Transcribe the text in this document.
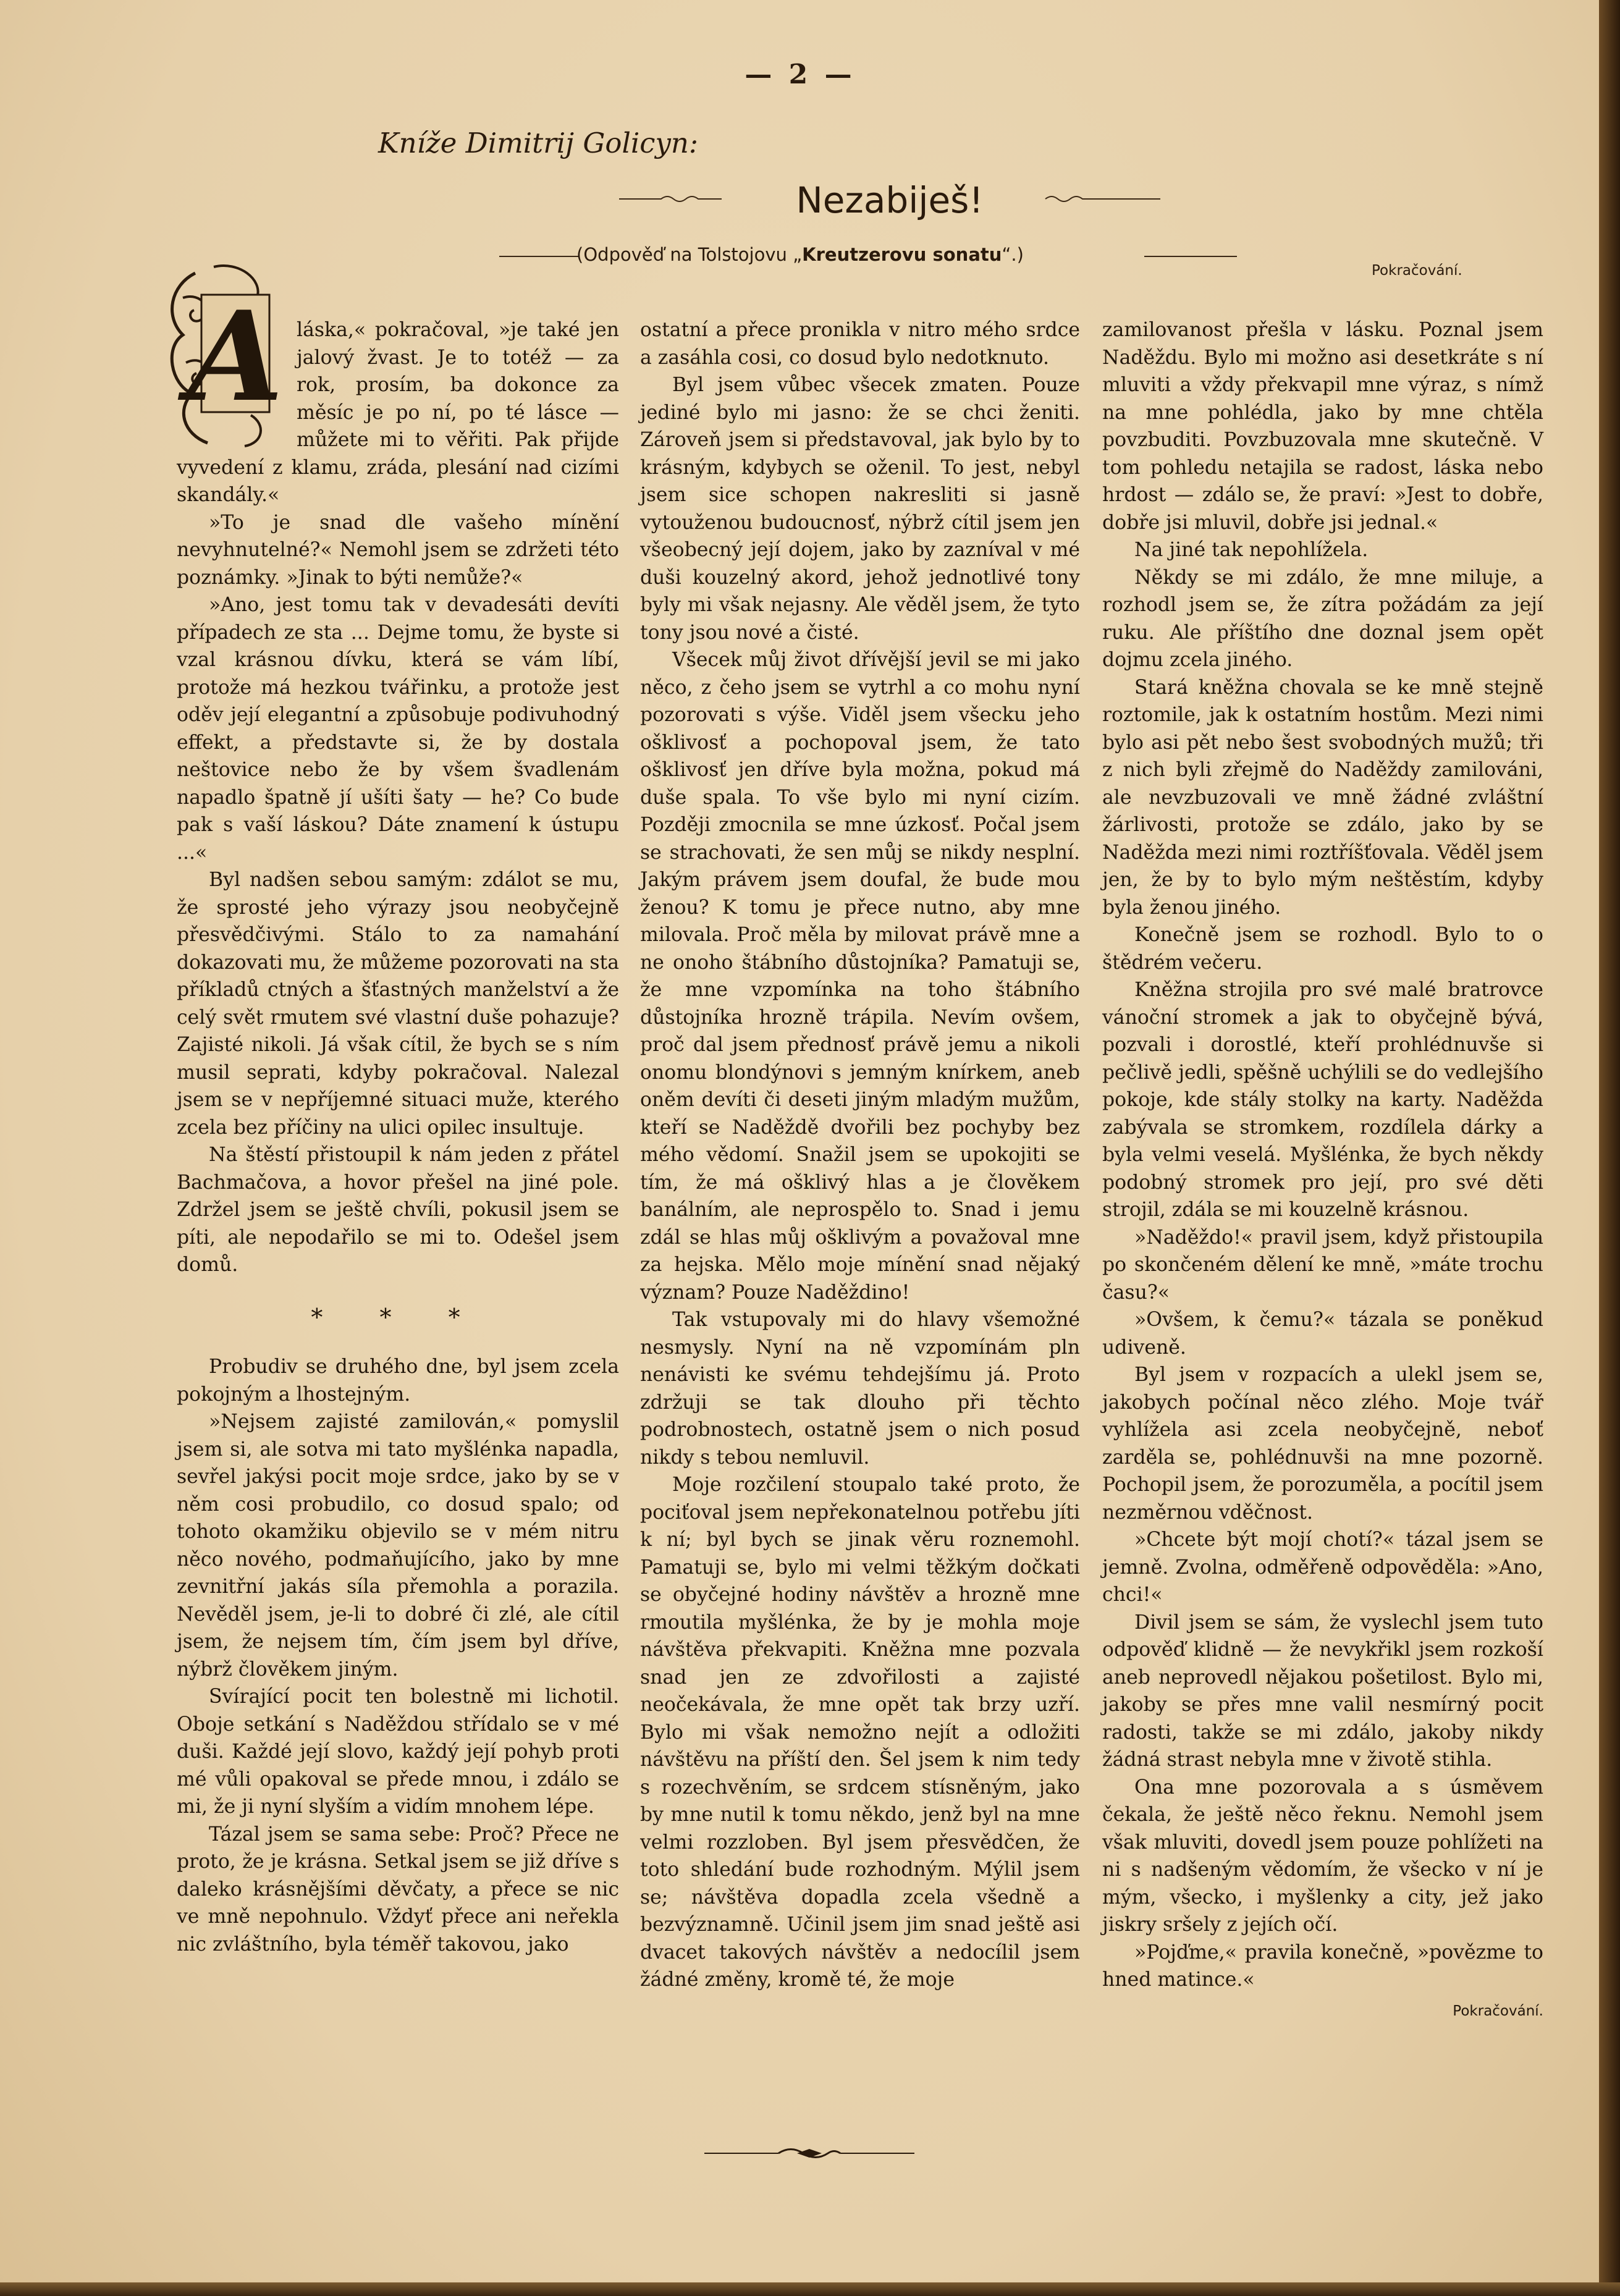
— 2 —
Kníže Dimitrij Golicyn:
Nezabiješ!
(Odpověď na Tolstojovu „Kreutzerovu sonatu“.)
Pokračování.
A láska,« pokračoval, »je také jen jalový žvast. Je to totéž — za rok, prosím, ba dokonce za měsíc je po ní, po té lásce — můžete mi to věřiti. Pak přijde vyvedení z klamu, zráda, plesání nad cizími skandály.«

»To je snad dle vašeho mínění nevyhnutelné?« Nemohl jsem se zdržeti této poznámky. »Jinak to býti nemůže?«

»Ano, jest tomu tak v devadesáti devíti případech ze sta ... Dejme tomu, že byste si vzal krásnou dívku, která se vám líbí, protože má hezkou tvářinku, a protože jest oděv její elegantní a způsobuje podivuhodný effekt, a představte si, že by dostala neštovice nebo že by všem švadlenám napadlo špatně jí ušíti šaty — he? Co bude pak s vaší láskou? Dáte znamení k ústupu ...«

Byl nadšen sebou samým: zdálot se mu, že sprosté jeho výrazy jsou neobyčejně přesvědčivými. Stálo to za namahání dokazovati mu, že můžeme pozorovati na sta příkladů ctných a šťastných manželství a že celý svět rmutem své vlastní duše pohazuje? Zajisté nikoli. Já však cítil, že bych se s ním musil seprati, kdyby pokračoval. Nalezal jsem se v nepříjemné situaci muže, kterého zcela bez příčiny na ulici opilec insultuje.

Na štěstí přistoupil k nám jeden z přátel Bachmačova, a hovor přešel na jiné pole. Zdržel jsem se ještě chvíli, pokusil jsem se píti, ale nepodařilo se mi to. Odešel jsem domů.

* * *

Probudiv se druhého dne, byl jsem zcela pokojným a lhostejným.

»Nejsem zajisté zamilován,« pomyslil jsem si, ale sotva mi tato myšlénka napadla, sevřel jakýsi pocit moje srdce, jako by se v něm cosi probudilo, co dosud spalo; od tohoto okamžiku objevilo se v mém nitru něco nového, podmaňujícího, jako by mne zevnitřní jakás síla přemohla a porazila. Nevěděl jsem, je-li to dobré či zlé, ale cítil jsem, že nejsem tím, čím jsem byl dříve, nýbrž člověkem jiným.

Svírající pocit ten bolestně mi lichotil. Oboje setkání s Naděždou střídalo se v mé duši. Každé její slovo, každý její pohyb proti mé vůli opakoval se přede mnou, i zdálo se mi, že ji nyní slyším a vidím mnohem lépe.

Tázal jsem se sama sebe: Proč? Přece ne proto, že je krásna. Setkal jsem se již dříve s daleko krásnějšími děvčaty, a přece se nic ve mně nepohnulo. Vždyť přece ani neřekla nic zvláštního, byla téměř takovou, jako

ostatní a přece pronikla v nitro mého srdce a zasáhla cosi, co dosud bylo nedotknuto.

Byl jsem vůbec všecek zmaten. Pouze jediné bylo mi jasno: že se chci ženiti. Zároveň jsem si představoval, jak bylo by to krásným, kdybych se oženil. To jest, nebyl jsem sice schopen nakresliti si jasně vytouženou budoucnosť, nýbrž cítil jsem jen všeobecný její dojem, jako by zazníval v mé duši kouzelný akord, jehož jednotlivé tony byly mi však nejasny. Ale věděl jsem, že tyto tony jsou nové a čisté.

Všecek můj život dřívější jevil se mi jako něco, z čeho jsem se vytrhl a co mohu nyní pozorovati s výše. Viděl jsem všecku jeho ošklivosť a pochopoval jsem, že tato ošklivosť jen dříve byla možna, pokud má duše spala. To vše bylo mi nyní cizím. Později zmocnila se mne úzkosť. Počal jsem se strachovati, že sen můj se nikdy nesplní. Jakým právem jsem doufal, že bude mou ženou? K tomu je přece nutno, aby mne milovala. Proč měla by milovat právě mne a ne onoho štábního důstojníka? Pamatuji se, že mne vzpomínka na toho štábního důstojníka hrozně trápila. Nevím ovšem, proč dal jsem přednosť právě jemu a nikoli onomu blondýnovi s jemným knírkem, aneb oněm devíti či deseti jiným mladým mužům, kteří se Naděždě dvořili bez pochyby bez mého vědomí. Snažil jsem se upokojiti se tím, že má ošklivý hlas a je člověkem banálním, ale neprospělo to. Snad i jemu zdál se hlas můj ošklivým a považoval mne za hejska. Mělo moje mínění snad nějaký význam? Pouze Naděždino!

Tak vstupovaly mi do hlavy všemožné nesmysly. Nyní na ně vzpomínám pln nenávisti ke svému tehdejšímu já. Proto zdržuji se tak dlouho při těchto podrobnostech, ostatně jsem o nich posud nikdy s tebou nemluvil.

Moje rozčilení stoupalo také proto, že pociťoval jsem nepřekonatelnou potřebu jíti k ní; byl bych se jinak věru roznemohl. Pamatuji se, bylo mi velmi těžkým dočkati se obyčejné hodiny návštěv a hrozně mne rmoutila myšlénka, že by je mohla moje návštěva překvapiti. Kněžna mne pozvala snad jen ze zdvořilosti a zajisté neočekávala, že mne opět tak brzy uzří. Bylo mi však nemožno nejít a odložiti návštěvu na příští den. Šel jsem k nim tedy s rozechvěním, se srdcem stísněným, jako by mne nutil k tomu někdo, jenž byl na mne velmi rozzloben. Byl jsem přesvědčen, že toto shledání bude rozhodným. Mýlil jsem se; návštěva dopadla zcela všedně a bezvýznamně. Učinil jsem jim snad ještě asi dvacet takových návštěv a nedocílil jsem žádné změny, kromě té, že moje

zamilovanost přešla v lásku. Poznal jsem Naděždu. Bylo mi možno asi desetkráte s ní mluviti a vždy překvapil mne výraz, s nímž na mne pohlédla, jako by mne chtěla povzbuditi. Povzbuzovala mne skutečně. V tom pohledu netajila se radost, láska nebo hrdost — zdálo se, že praví: »Jest to dobře, dobře jsi mluvil, dobře jsi jednal.«

Na jiné tak nepohlížela.

Někdy se mi zdálo, že mne miluje, a rozhodl jsem se, že zítra požádám za její ruku. Ale příštího dne doznal jsem opět dojmu zcela jiného.

Stará kněžna chovala se ke mně stejně roztomile, jak k ostatním hostům. Mezi nimi bylo asi pět nebo šest svobodných mužů; tři z nich byli zřejmě do Naděždy zamilováni, ale nevzbuzovali ve mně žádné zvláštní žárlivosti, protože se zdálo, jako by se Naděžda mezi nimi roztříšťovala. Věděl jsem jen, že by to bylo mým neštěstím, kdyby byla ženou jiného.

Konečně jsem se rozhodl. Bylo to o štědrém večeru.

Kněžna strojila pro své malé bratrovce vánoční stromek a jak to obyčejně bývá, pozvali i dorostlé, kteří prohlédnuvše si pečlivě jedli, spěšně uchýlili se do vedlejšího pokoje, kde stály stolky na karty. Naděžda zabývala se stromkem, rozdílela dárky a byla velmi veselá. Myšlénka, že bych někdy podobný stromek pro její, pro své děti strojil, zdála se mi kouzelně krásnou.

»Naděždo!« pravil jsem, když přistoupila po skončeném dělení ke mně, »máte trochu času?«

»Ovšem, k čemu?« tázala se poněkud udiveně.

Byl jsem v rozpacích a ulekl jsem se, jakobych počínal něco zlého. Moje tvář vyhlížela asi zcela neobyčejně, neboť zarděla se, pohlédnuvši na mne pozorně. Pochopil jsem, že porozuměla, a pocítil jsem nezměrnou vděčnost.

»Chcete být mojí chotí?« tázal jsem se jemně. Zvolna, odměřeně odpověděla: »Ano, chci!«

Divil jsem se sám, že vyslechl jsem tuto odpověď klidně — že nevykřikl jsem rozkoší aneb neprovedl nějakou pošetilost. Bylo mi, jakoby se přes mne valil nesmírný pocit radosti, takže se mi zdálo, jakoby nikdy žádná strast nebyla mne v životě stihla.

Ona mne pozorovala a s úsměvem čekala, že ještě něco řeknu. Nemohl jsem však mluviti, dovedl jsem pouze pohlížeti na ni s nadšeným vědomím, že všecko v ní je mým, všecko, i myšlenky a city, jež jako jiskry sršely z jejích očí.

»Pojďme,« pravila konečně, »povězme to hned matince.«

Pokračování.
